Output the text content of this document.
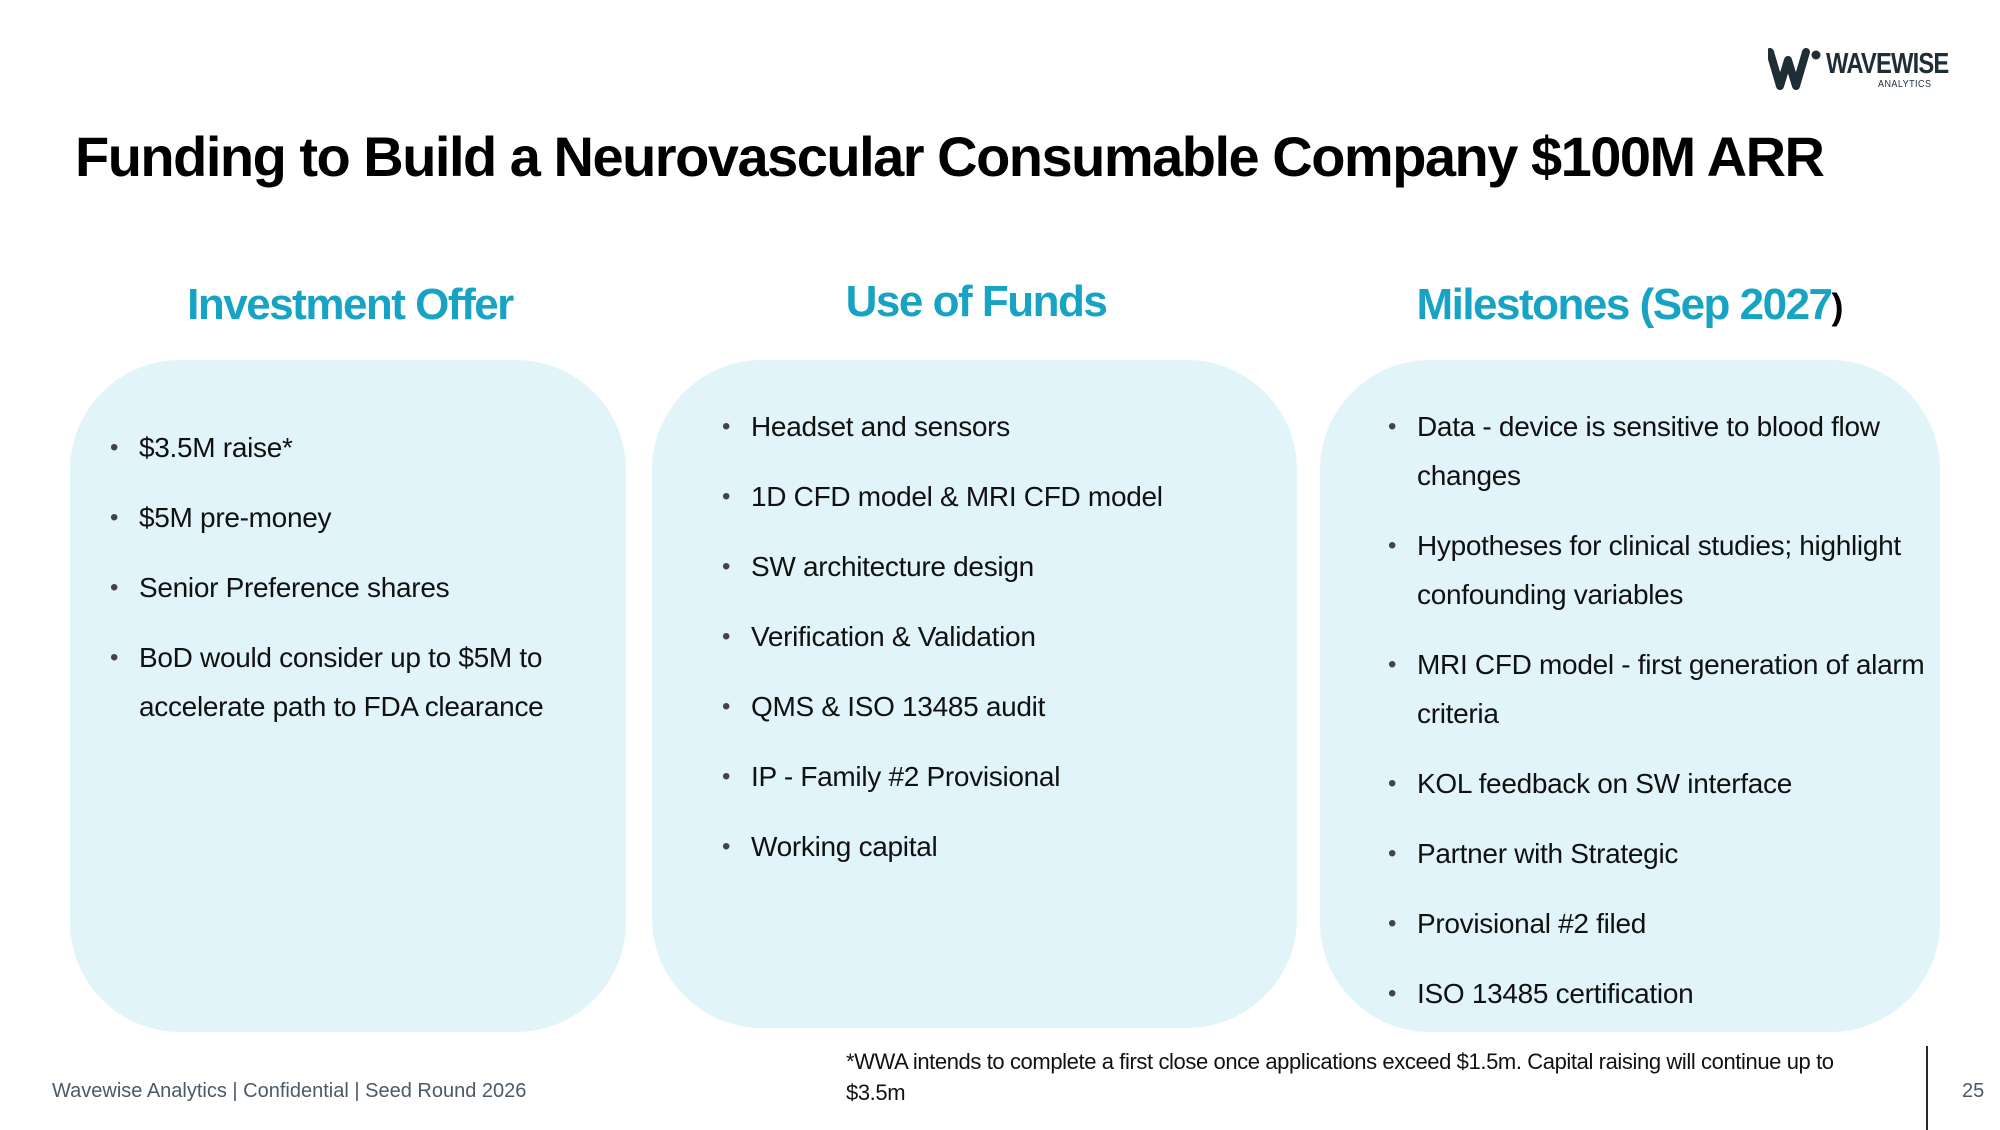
WAVEWISE
ANALYTICS
Funding to Build a Neurovascular Consumable Company $100M ARR
Investment Offer	Use of Funds	Milestones (Sep 2027)
• $3.5M raise*
• $5M pre-money
• Senior Preference shares
• BoD would consider up to $5M to accelerate path to FDA clearance
• Headset and sensors
• 1D CFD model & MRI CFD model
• SW architecture design
• Verification & Validation
• QMS & ISO 13485 audit
• IP - Family #2 Provisional
• Working capital
• Data - device is sensitive to blood flow changes
• Hypotheses for clinical studies; highlight confounding variables
• MRI CFD model - first generation of alarm criteria
• KOL feedback on SW interface
• Partner with Strategic
• Provisional #2 filed
• ISO 13485 certification
Wavewise Analytics | Confidential | Seed Round 2026
*WWA intends to complete a first close once applications exceed $1.5m. Capital raising will continue up to $3.5m	25
